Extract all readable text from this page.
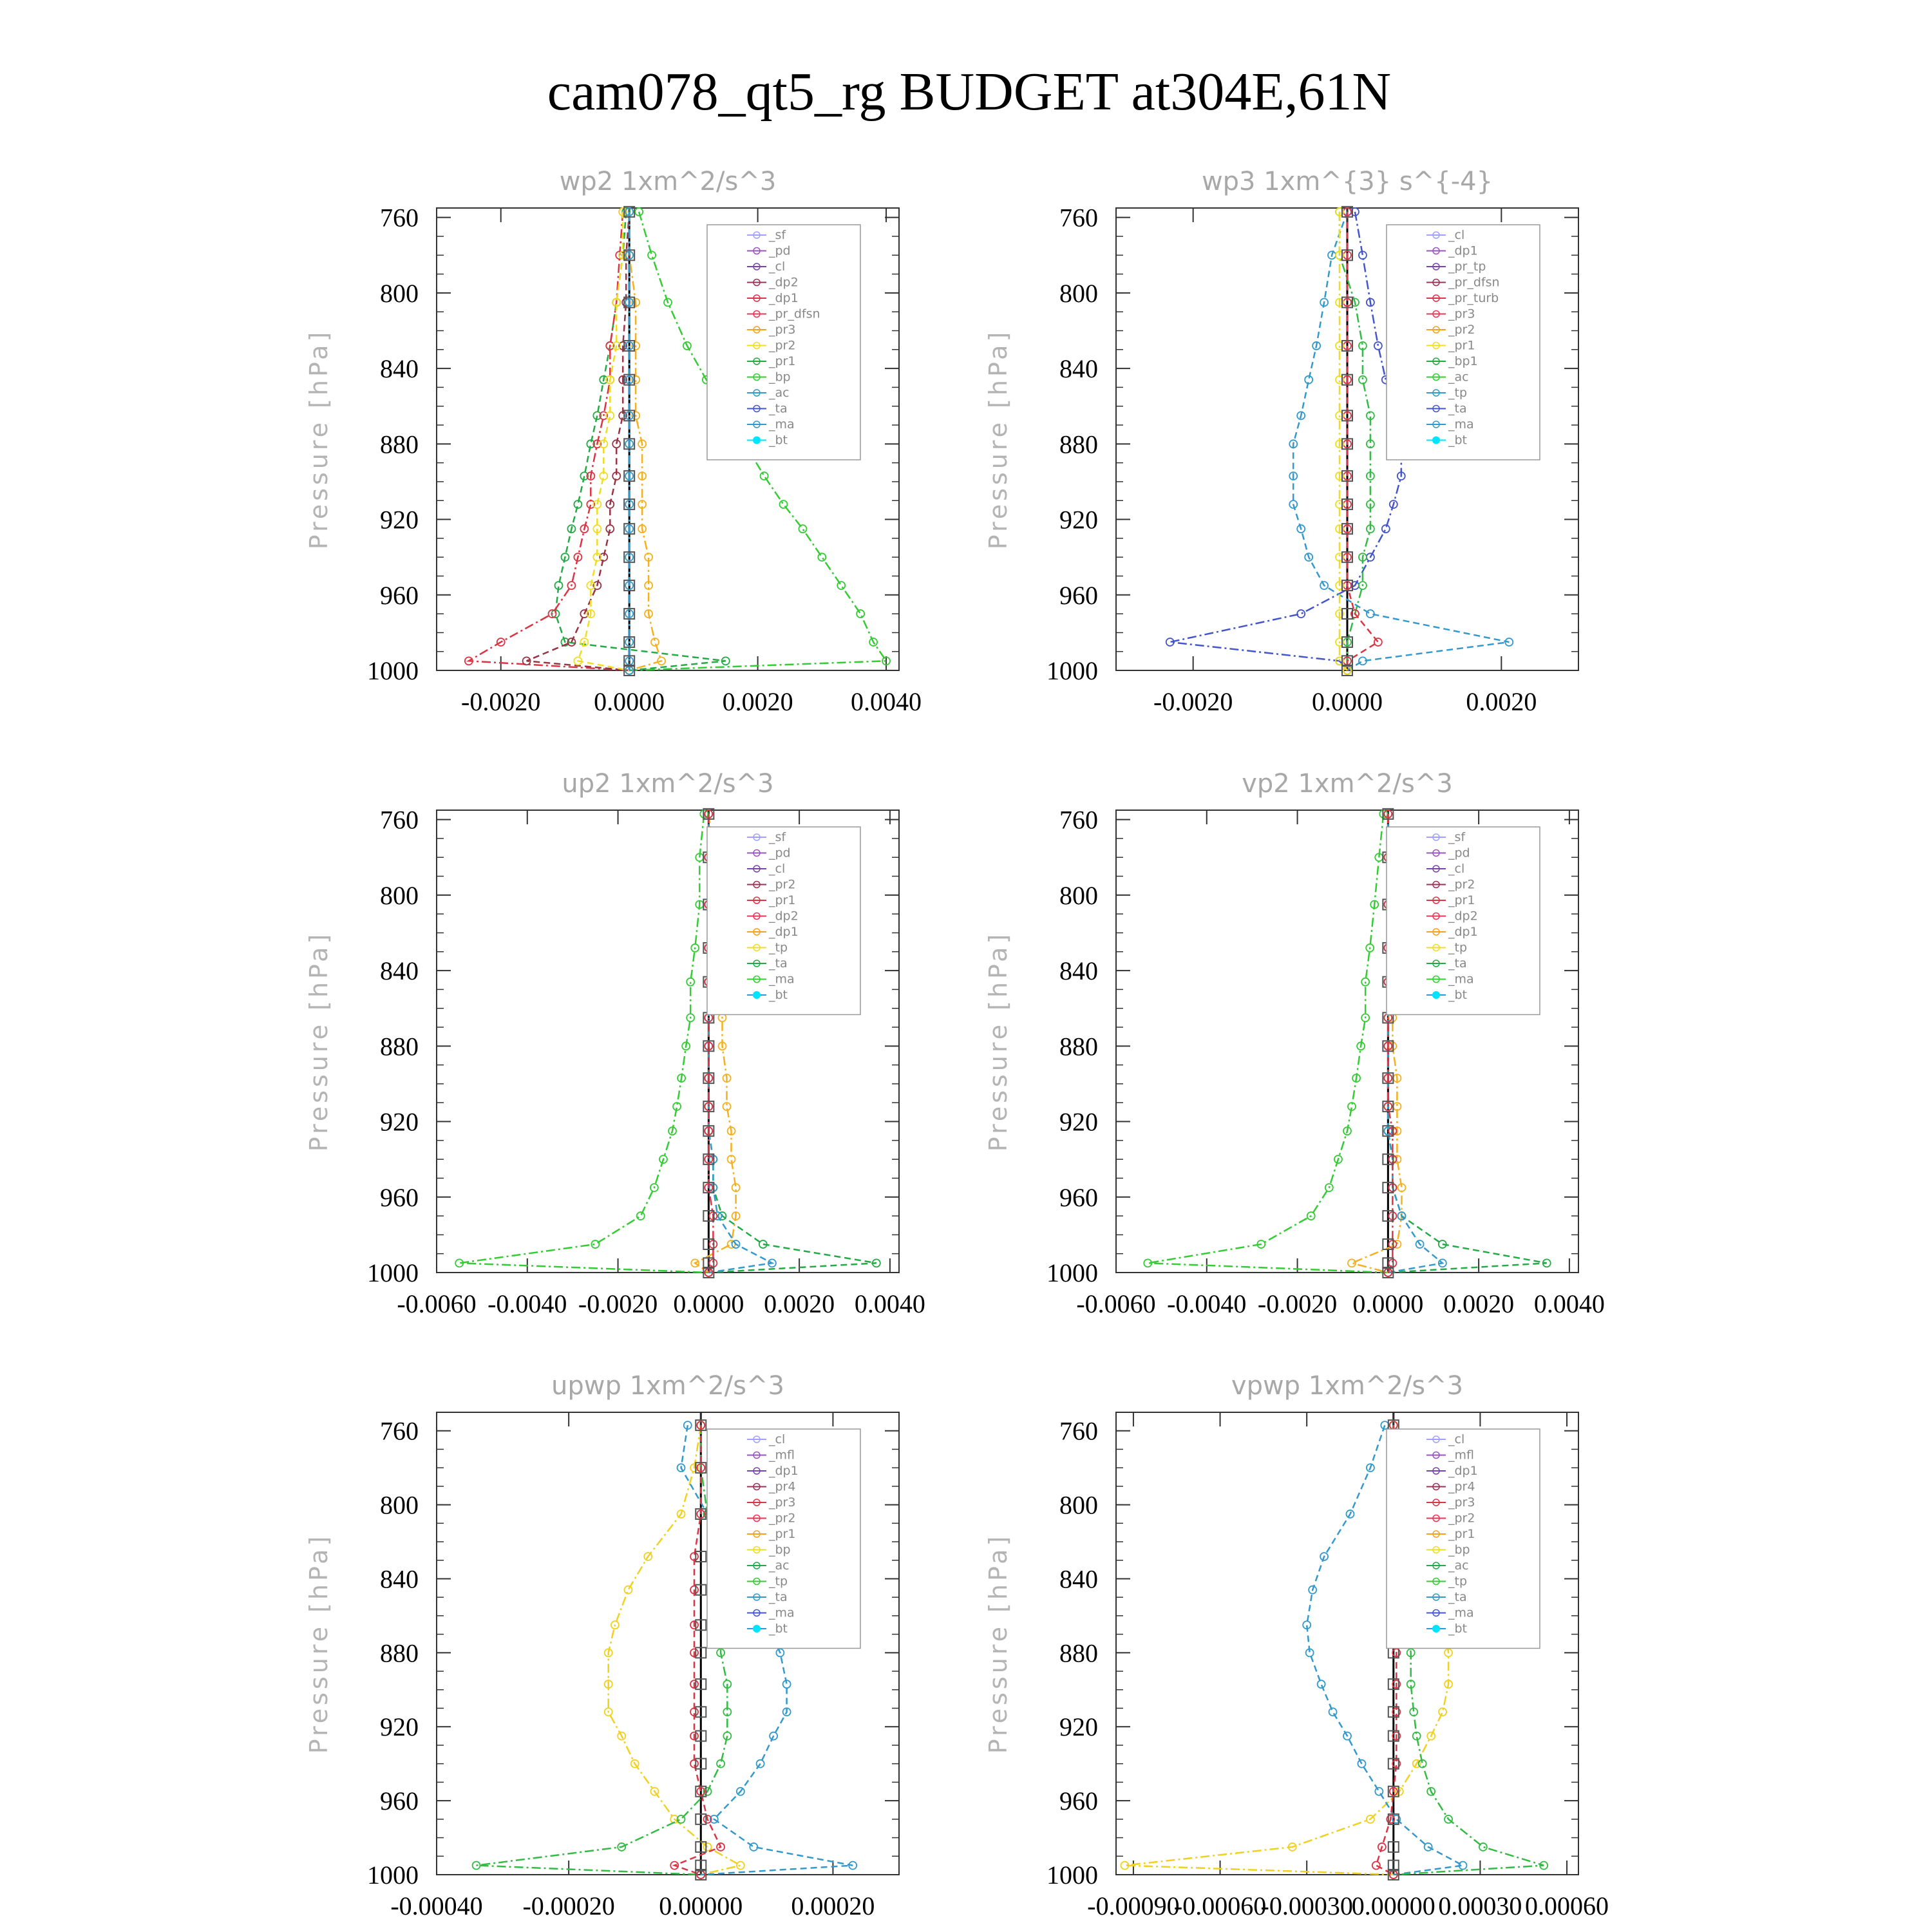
cam078_qt5_rg BUDGET at304E,61N
wp2 1xm^2/s^3
Pressure [hPa]
760
800
840
880
920
960
1000
-0.0020 0.0000 0.0020 0.0040
_sf
_pd
_cl
_dp2
_dp1
_pr_dfsn
_pr3
_pr2
_pr1
_bp
_ac
_ta
_ma
_bt
wp3 1xm^{3} s^{-4}
Pressure [hPa]
760
800
840
880
920
960
1000
-0.0020	0.0000	0.0020
_cl
_dp1
_pr_tp
_pr_dfsn
_pr_turb
_pr3
_pr2
_pr1
_bp1
_ac
_tp
_ta
_ma
_bt
up2 1xm^2/s^3
Pressure [hPa]
760
800
840
880
920
960
1000
-0.0060 -0.0040 -0.0020 0.0000 0.0020 0.0040
_sf
_pd
_cl
_pr2
_pr1
_dp2
_dp1
_tp
_ta
_ma
_bt
vp2 1xm^2/s^3
Pressure [hPa]
760
800
840
880
920
960
1000
-0.0060 -0.0040 -0.0020 0.0000 0.0020 0.0040
_sf
_pd
_cl
_pr2
_pr1
_dp2
_dp1
_tp
_ta
_ma
_bt
upwp 1xm^2/s^3
Pressure [hPa]
760
800
840
880
920
960
1000
-0.00040 -0.00020 0.00000 0.00020
_cl
_mfl
_dp1
_pr4
_pr3
_pr2
_pr1
_bp
_ac
_tp
_ta
_ma
_bt
vpwp 1xm^2/s^3
Pressure [hPa]
760
800
840
880
920
960
1000
-0.00090
-0.00060
-0.00030
0.00000 0.00030 0.00060
_cl
_mfl
_dp1
_pr4
_pr3
_pr2
_pr1
_bp
_ac
_tp
_ta
_ma
_bt
